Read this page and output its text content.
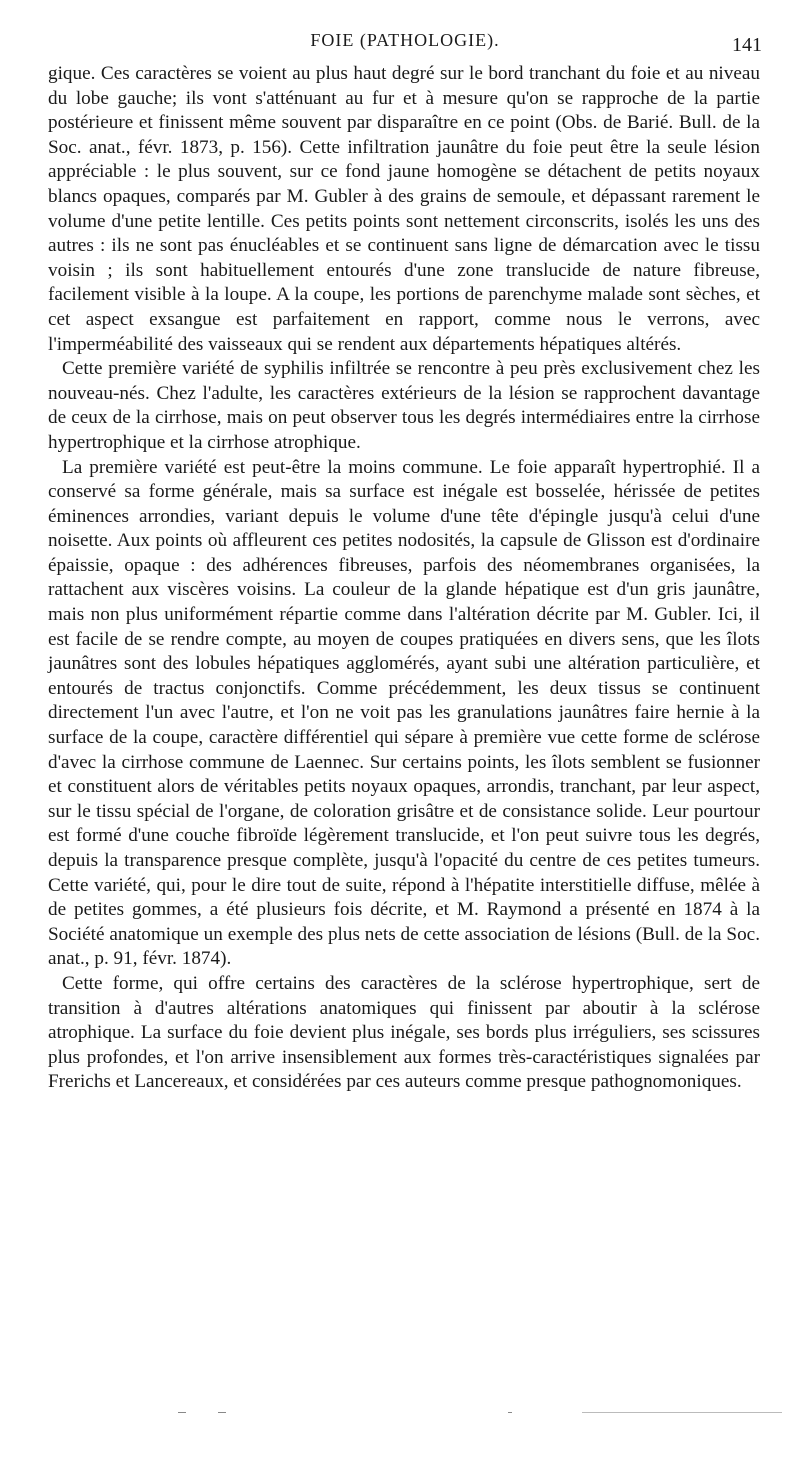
FOIE (PATHOLOGIE).	141

gique. Ces caractères se voient au plus haut degré sur le bord tranchant du foie et au niveau du lobe gauche; ils vont s'atténuant au fur et à mesure qu'on se rapproche de la partie postérieure et finissent même souvent par disparaître en ce point (Obs. de Barié. Bull. de la Soc. anat., févr. 1873, p. 156). Cette infiltration jaunâtre du foie peut être la seule lésion appréciable : le plus souvent, sur ce fond jaune homogène se détachent de petits noyaux blancs opaques, comparés par M. Gubler à des grains de semoule, et dépassant rarement le volume d'une petite lentille. Ces petits points sont nettement circonscrits, isolés les uns des autres : ils ne sont pas énucléables et se continuent sans ligne de démarcation avec le tissu voisin ; ils sont habituellement entourés d'une zone translucide de nature fibreuse, facilement visible à la loupe. A la coupe, les portions de parenchyme malade sont sèches, et cet aspect exsangue est parfaitement en rapport, comme nous le verrons, avec l'imperméabilité des vaisseaux qui se rendent aux départements hépatiques altérés.

Cette première variété de syphilis infiltrée se rencontre à peu près exclusivement chez les nouveau-nés. Chez l'adulte, les caractères extérieurs de la lésion se rapprochent davantage de ceux de la cirrhose, mais on peut observer tous les degrés intermédiaires entre la cirrhose hypertrophique et la cirrhose atrophique.

La première variété est peut-être la moins commune. Le foie apparaît hypertrophié. Il a conservé sa forme générale, mais sa surface est inégale est bosselée, hérissée de petites éminences arrondies, variant depuis le volume d'une tête d'épingle jusqu'à celui d'une noisette. Aux points où affleurent ces petites nodosités, la capsule de Glisson est d'ordinaire épaissie, opaque : des adhérences fibreuses, parfois des néomembranes organisées, la rattachent aux viscères voisins. La couleur de la glande hépatique est d'un gris jaunâtre, mais non plus uniformément répartie comme dans l'altération décrite par M. Gubler. Ici, il est facile de se rendre compte, au moyen de coupes pratiquées en divers sens, que les îlots jaunâtres sont des lobules hépatiques agglomérés, ayant subi une altération particulière, et entourés de tractus conjonctifs. Comme précédemment, les deux tissus se continuent directement l'un avec l'autre, et l'on ne voit pas les granulations jaunâtres faire hernie à la surface de la coupe, caractère différentiel qui sépare à première vue cette forme de sclérose d'avec la cirrhose commune de Laennec. Sur certains points, les îlots semblent se fusionner et constituent alors de véritables petits noyaux opaques, arrondis, tranchant, par leur aspect, sur le tissu spécial de l'organe, de coloration grisâtre et de consistance solide. Leur pourtour est formé d'une couche fibroïde légèrement translucide, et l'on peut suivre tous les degrés, depuis la transparence presque complète, jusqu'à l'opacité du centre de ces petites tumeurs. Cette variété, qui, pour le dire tout de suite, répond à l'hépatite interstitielle diffuse, mêlée à de petites gommes, a été plusieurs fois décrite, et M. Raymond a présenté en 1874 à la Société anatomique un exemple des plus nets de cette association de lésions (Bull. de la Soc. anat., p. 91, févr. 1874).

Cette forme, qui offre certains des caractères de la sclérose hypertrophique, sert de transition à d'autres altérations anatomiques qui finissent par aboutir à la sclérose atrophique. La surface du foie devient plus inégale, ses bords plus irréguliers, ses scissures plus profondes, et l'on arrive insensiblement aux formes très-caractéristiques signalées par Frerichs et Lancereaux, et considérées par ces auteurs comme presque pathognomoniques.
